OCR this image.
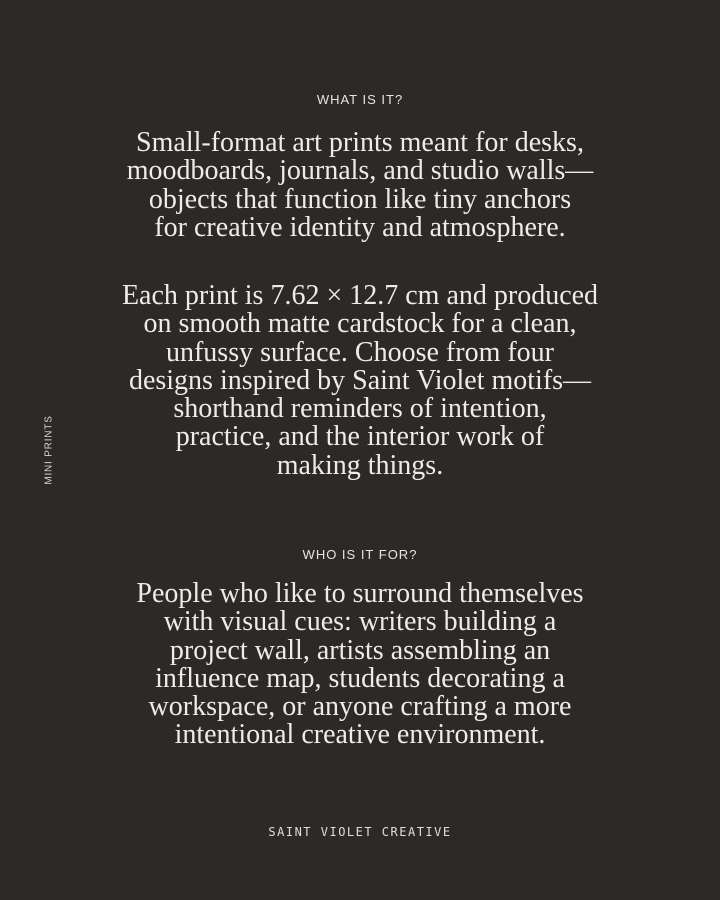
MINI PRINTS
WHAT IS IT?
Small-format art prints meant for desks,
moodboards, journals, and studio walls—
objects that function like tiny anchors
for creative identity and atmosphere.
Each print is 7.62 × 12.7 cm and produced
on smooth matte cardstock for a clean,
unfussy surface. Choose from four
designs inspired by Saint Violet motifs—
shorthand reminders of intention,
practice, and the interior work of
making things.
WHO IS IT FOR?
People who like to surround themselves
with visual cues: writers building a
project wall, artists assembling an
influence map, students decorating a
workspace, or anyone crafting a more
intentional creative environment.
SAINT VIOLET CREATIVE
